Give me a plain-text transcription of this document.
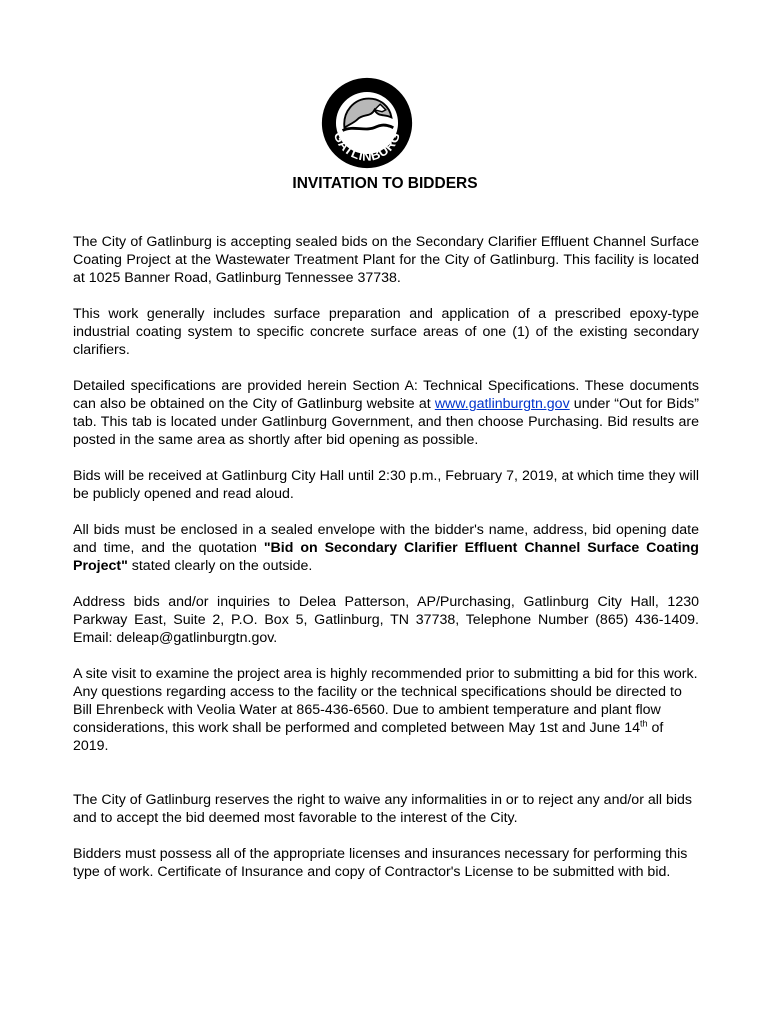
GATLINBURG
INVITATION TO BIDDERS

The City of Gatlinburg is accepting sealed bids on the Secondary Clarifier Effluent Channel Surface Coating Project at the Wastewater Treatment Plant for the City of Gatlinburg. This facility is located at 1025 Banner Road, Gatlinburg Tennessee 37738.

This work generally includes surface preparation and application of a prescribed epoxy-type industrial coating system to specific concrete surface areas of one (1) of the existing secondary clarifiers.

Detailed specifications are provided herein Section A: Technical Specifications. These documents can also be obtained on the City of Gatlinburg website at www.gatlinburgtn.gov under “Out for Bids” tab. This tab is located under Gatlinburg Government, and then choose Purchasing. Bid results are posted in the same area as shortly after bid opening as possible.

Bids will be received at Gatlinburg City Hall until 2:30 p.m., February 7, 2019, at which time they will be publicly opened and read aloud.

All bids must be enclosed in a sealed envelope with the bidder's name, address, bid opening date and time, and the quotation "Bid on Secondary Clarifier Effluent Channel Surface Coating Project" stated clearly on the outside.

Address bids and/or inquiries to Delea Patterson, AP/Purchasing, Gatlinburg City Hall, 1230 Parkway East, Suite 2, P.O. Box 5, Gatlinburg, TN 37738, Telephone Number (865) 436-1409. Email: deleap@gatlinburgtn.gov.

A site visit to examine the project area is highly recommended prior to submitting a bid for this work. Any questions regarding access to the facility or the technical specifications should be directed to Bill Ehrenbeck with Veolia Water at 865-436-6560. Due to ambient temperature and plant flow considerations, this work shall be performed and completed between May 1st and June 14th of 2019.

The City of Gatlinburg reserves the right to waive any informalities in or to reject any and/or all bids and to accept the bid deemed most favorable to the interest of the City.

Bidders must possess all of the appropriate licenses and insurances necessary for performing this type of work. Certificate of Insurance and copy of Contractor's License to be submitted with bid.
